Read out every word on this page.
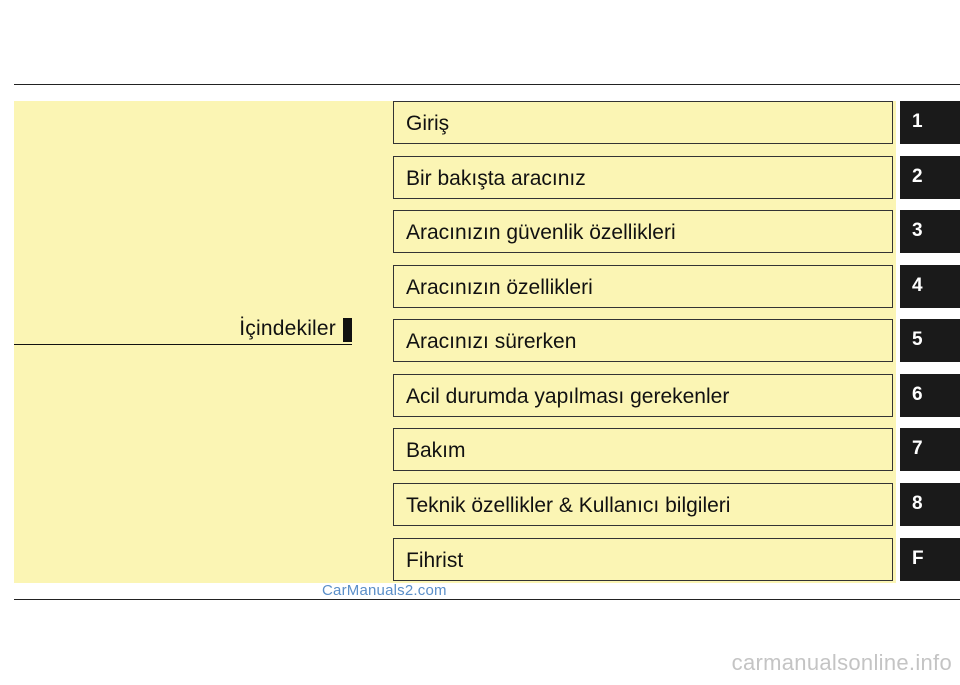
İçindekiler
Giriş	1
Bir bakışta aracınız	2
Aracınızın güvenlik özellikleri	3
Aracınızın özellikleri	4
Aracınızı sürerken	5
Acil durumda yapılması gerekenler	6
Bakım	7
Teknik özellikler & Kullanıcı bilgileri	8
Fihrist	F
CarManuals2.com
carmanualsonline.info
